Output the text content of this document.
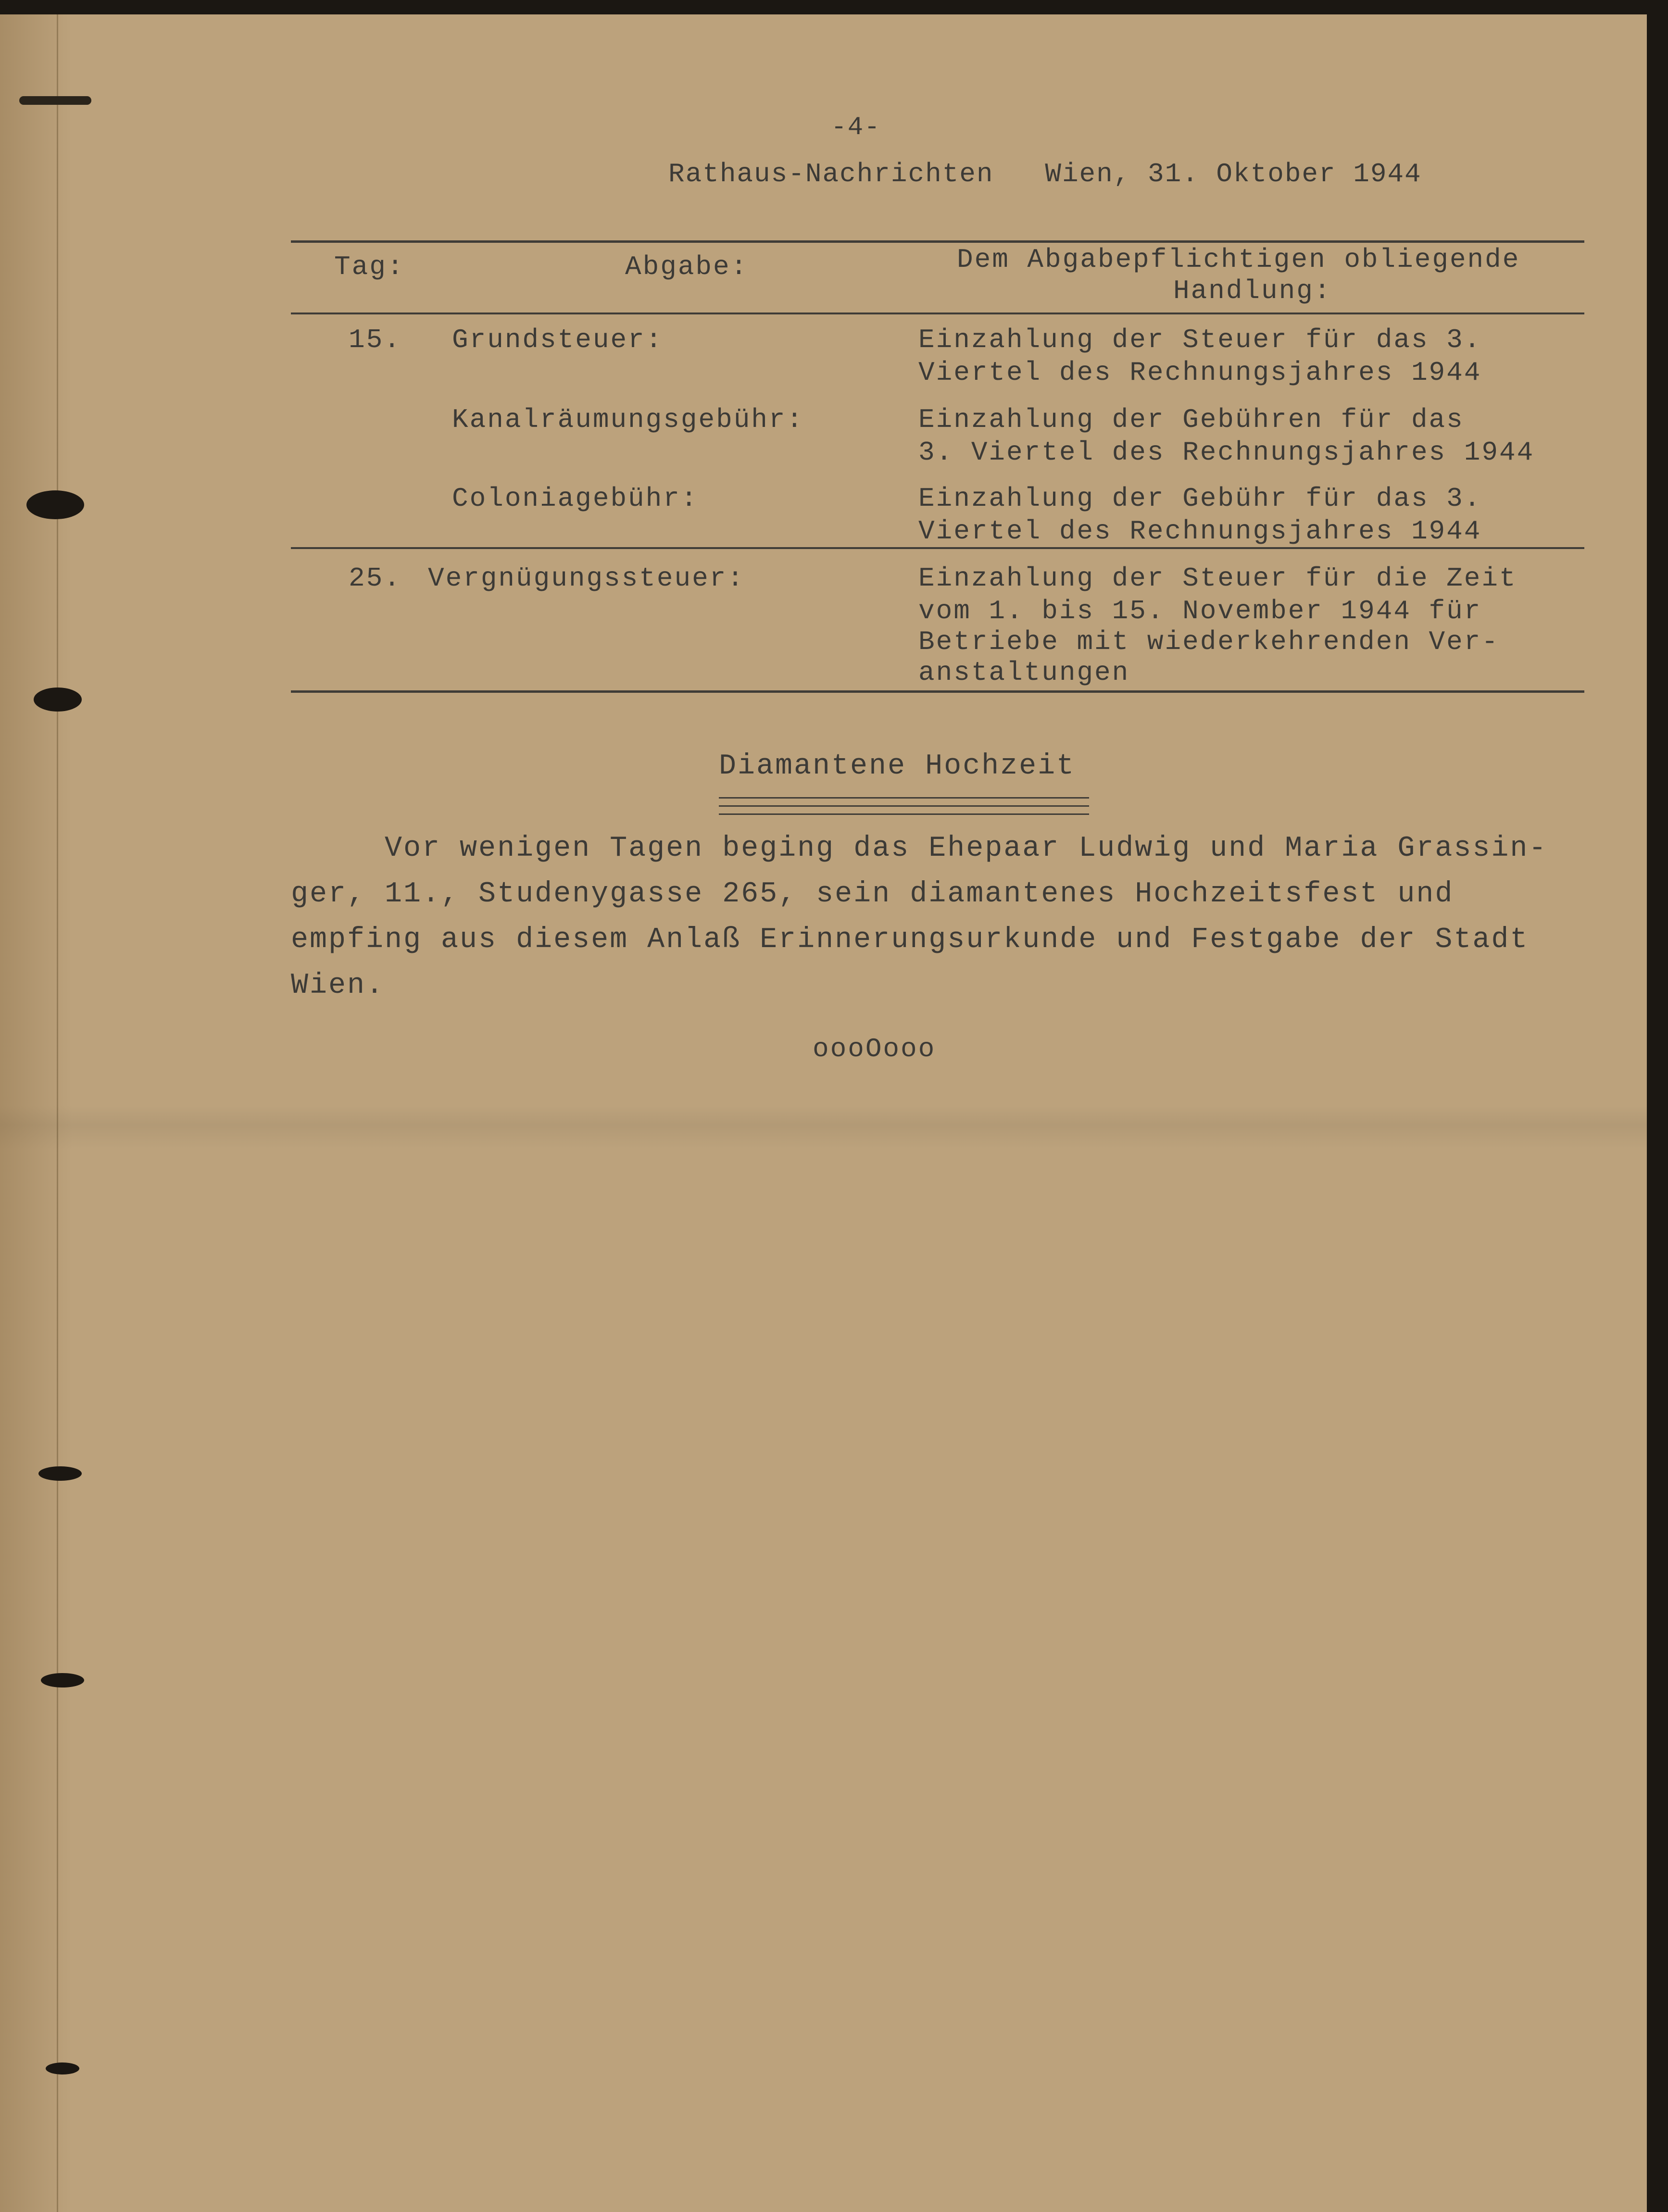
-4-
Rathaus-Nachrichten Wien, 31. Oktober 1944
Tag:	Abgabe:	Dem Abgabepflichtigen obliegende
Handlung:
15. Grundsteuer:	Einzahlung der Steuer für das 3.
Viertel des Rechnungsjahres 1944
Kanalräumungsgebühr:	Einzahlung der Gebühren für das
3. Viertel des Rechnungsjahres 1944
Coloniagebühr:	Einzahlung der Gebühr für das 3.
Viertel des Rechnungsjahres 1944
25. Vergnügungssteuer:	Einzahlung der Steuer für die Zeit
vom 1. bis 15. November 1944 für
Betriebe mit wiederkehrenden Ver-
anstaltungen
Diamantene Hochzeit
Vor wenigen Tagen beging das Ehepaar Ludwig und Maria Grassin-
ger, 11., Studenygasse 265, sein diamantenes Hochzeitsfest und
empfing aus diesem Anlaß Erinnerungsurkunde und Festgabe der Stadt
Wien.
oooOooo
